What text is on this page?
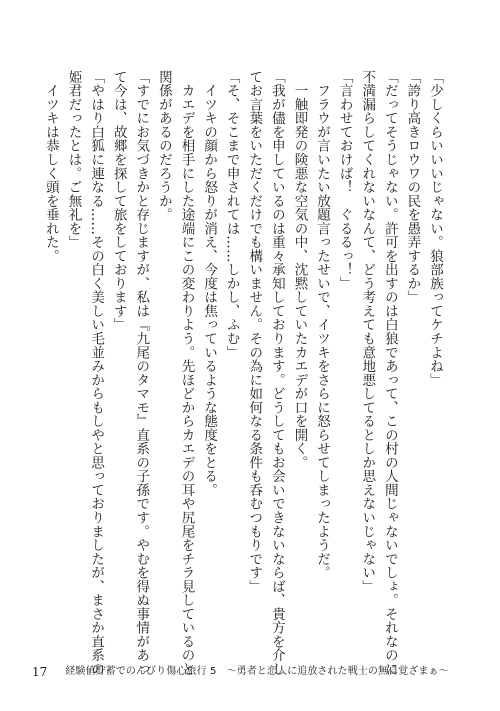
「少しくらいいいじゃない。狼部族ってケチよね」
「誇り高きロウワの民を愚弄するか」
「だってそうじゃない。許可を出すのは白狼であって、この村の人間じゃないでしょ。それなのに
不満漏らしてくれないなんて、どう考えても意地悪してるとしか思えないじゃない」
「言わせておけば！　ぐるるっ！」
　フラウが言いたい放題言ったせいで、イツキをさらに怒らせてしまったようだ。
　一触即発の険悪な空気の中、沈黙していたカエデが口を開く。
「我が儘を申しているのは重々承知しております。どうしてもお会いできないならば、貴方を介し
てお言葉をいただくだけでも構いません。その為に如何なる条件も呑むつもりです」
「そ、そこまで申されては……しかし、ふむ」
　イツキの顔から怒りが消え、今度は焦っているような態度をとる。
　カエデを相手にした途端にこの変わりよう。先ほどからカエデの耳や尻尾をチラ見しているのと
関係があるのだろうか。
「すでにお気づきかと存じますが、私は『九尾のタマモ』直系の子孫です。やむを得ぬ事情があっ
て今は、故郷を探して旅をしております」
「やはり白狐に連なる……その白く美しい毛並みからもしやと思っておりましたが、まさか直系の
姫君だったとは。ご無礼を」
　イツキは恭しく頭を垂れた。
17 経験値貯蓄でのんびり傷心旅行 5　～勇者と恋人に追放された戦士の無自覚ざまぁ～
